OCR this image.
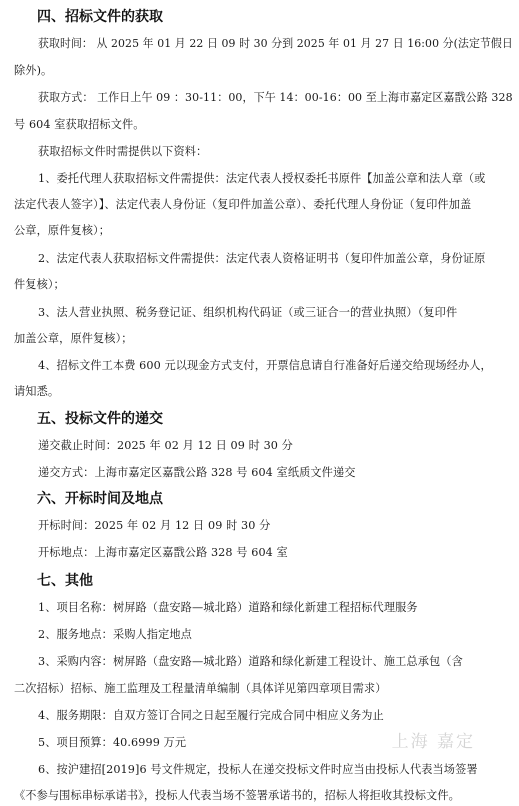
四、招标文件的获取
获取时间： 从 2025 年 01 月 22 日 09 时 30 分到 2025 年 01 月 27 日 16:00 分(法定节假日
除外)。
获取方式： 工作日上午 09 ：30-11：00，下午 14：00-16：00 至上海市嘉定区嘉戬公路 328
号 604 室获取招标文件。
获取招标文件时需提供以下资料：
1、委托代理人获取招标文件需提供：法定代表人授权委托书原件【加盖公章和法人章（或
法定代表人签字）】、法定代表人身份证（复印件加盖公章）、委托代理人身份证（复印件加盖
公章，原件复核）；
2、法定代表人获取招标文件需提供：法定代表人资格证明书（复印件加盖公章，身份证原
件复核）；
3、法人营业执照、税务登记证、组织机构代码证（或三证合一的营业执照）（复印件
加盖公章，原件复核）；
4、招标文件工本费 600 元以现金方式支付，开票信息请自行准备好后递交给现场经办人，
请知悉。
五、投标文件的递交
递交截止时间：2025 年 02 月 12 日 09 时 30 分
递交方式：上海市嘉定区嘉戬公路 328 号 604 室纸质文件递交
六、开标时间及地点
开标时间：2025 年 02 月 12 日 09 时 30 分
开标地点：上海市嘉定区嘉戬公路 328 号 604 室
七、其他
1、项目名称：树屏路（盘安路—城北路）道路和绿化新建工程招标代理服务
2、服务地点：采购人指定地点
3、采购内容：树屏路（盘安路—城北路）道路和绿化新建工程设计、施工总承包（含
二次招标）招标、施工监理及工程量清单编制（具体详见第四章项目需求）
4、服务期限：自双方签订合同之日起至履行完成合同中相应义务为止
5、项目预算：40.6999 万元
6、按沪建招[2019]6 号文件规定，投标人在递交投标文件时应当由投标人代表当场签署
《不参与围标串标承诺书》，投标人代表当场不签署承诺书的，招标人将拒收其投标文件。
上海 嘉定
